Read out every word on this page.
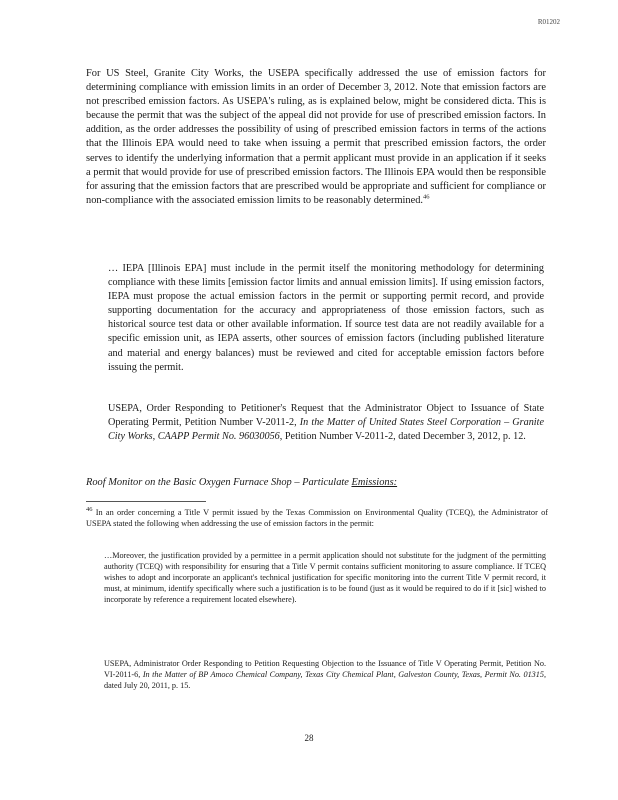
R01202

For US Steel, Granite City Works, the USEPA specifically addressed the use of emission factors for determining compliance with emission limits in an order of December 3, 2012. Note that emission factors are not prescribed emission factors. As USEPA's ruling, as is explained below, might be considered dicta. This is because the permit that was the subject of the appeal did not provide for use of prescribed emission factors. In addition, as the order addresses the possibility of using of prescribed emission factors in terms of the actions that the Illinois EPA would need to take when issuing a permit that prescribed emission factors, the order serves to identify the underlying information that a permit applicant must provide in an application if it seeks a permit that would provide for use of prescribed emission factors. The Illinois EPA would then be responsible for assuring that the emission factors that are prescribed would be appropriate and sufficient for compliance or non-compliance with the associated emission limits to be reasonably determined.$^{46}$

… IEPA [Illinois EPA] must include in the permit itself the monitoring methodology for determining compliance with these limits [emission factor limits and annual emission limits]. If using emission factors, IEPA must propose the actual emission factors in the permit or supporting permit record, and provide supporting documentation for the accuracy and appropriateness of those emission factors, such as historical source test data or other available information. If source test data are not readily available for a specific emission unit, as IEPA asserts, other sources of emission factors (including published literature and material and energy balances) must be reviewed and cited for acceptable emission factors before issuing the permit.

USEPA, Order Responding to Petitioner's Request that the Administrator Object to Issuance of State Operating Permit, Petition Number V-2011-2, In the Matter of United States Steel Corporation – Granite City Works, CAAPP Permit No. 96030056, Petition Number V-2011-2, dated December 3, 2012, p. 12.

Roof Monitor on the Basic Oxygen Furnace Shop – Particulate Emissions:

$^{46}$ In an order concerning a Title V permit issued by the Texas Commission on Environmental Quality (TCEQ), the Administrator of USEPA stated the following when addressing the use of emission factors in the permit:

…Moreover, the justification provided by a permittee in a permit application should not substitute for the judgment of the permitting authority (TCEQ) with responsibility for ensuring that a Title V permit contains sufficient monitoring to assure compliance. If TCEQ wishes to adopt and incorporate an applicant's technical justification for specific monitoring into the current Title V permit record, it must, at minimum, identify specifically where such a justification is to be found (just as it would be required to do if it [sic] wished to incorporate by reference a requirement located elsewhere).

USEPA, Administrator Order Responding to Petition Requesting Objection to the Issuance of Title V Operating Permit, Petition No. VI-2011-6, In the Matter of BP Amoco Chemical Company, Texas City Chemical Plant, Galveston County, Texas, Permit No. 01315, dated July 20, 2011, p. 15.

28
